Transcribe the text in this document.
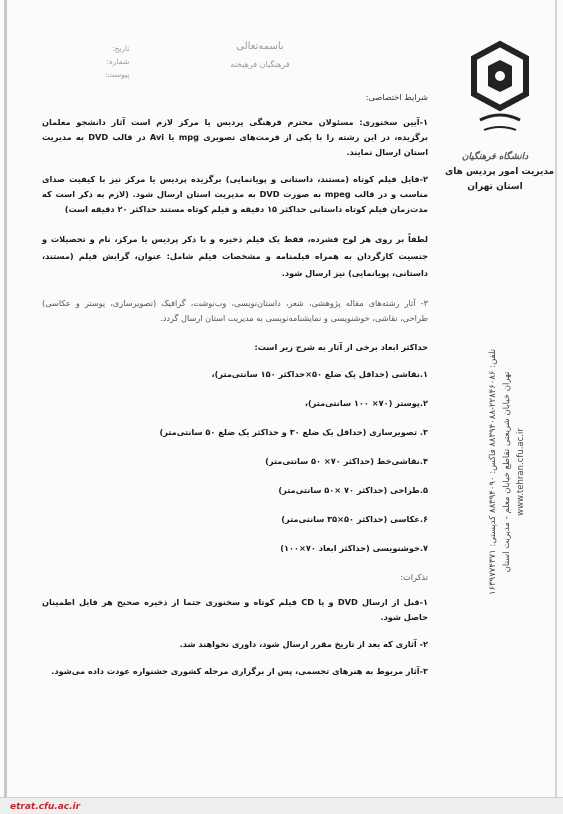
دانشگاه فرهنگیان
مدیریت امور پردیس های
استان تهران
تلفن: ۲۲۸۴۶۰۸۶-۸۸۳۹۴۰۸۸ فاکس: ۸۸۳۹۴۰۹۰ کدپستی: ۱۶۳۹۷۷۴۳۷۱
تهران خیابان شریعتی تقاطع خیابان معلم - مدیریت استان www.tehran.cfu.ac.ir
باسمه‌تعالی
فرهنگیان فرهیخته
تاریخ:
شماره:
پیوست:

شرایط اختصاصی:

۱-آیین سخنوری: مسئولان محترم فرهنگی پردیس یا مرکز لازم است آثار دانشجو معلمان برگزیده، در این رشته را با یکی از فرمت‌های تصویری mpg یا Avi در قالب DVD به مدیریت استان ارسال نمایند.

۲-فایل فیلم کوتاه (مستند، داستانی و پویانمایی) برگزیده پردیس یا مرکز نیز با کیفیت صدای مناسب و در قالب mpeg به صورت DVD به مدیریت استان ارسال شود. (لازم به ذکر است که مدت‌زمان فیلم کوتاه داستانی حداکثر ۱۵ دقیقه و فیلم کوتاه مستند حداکثر ۲۰ دقیقه است)

لطفاً بر روی هر لوح فشرده، فقط یک فیلم ذخیره و با ذکر پردیس یا مرکز، نام و تحصیلات و جنسیت کارگردان به همراه فیلمنامه و مشخصات فیلم شامل: عنوان، گرایش فیلم (مستند، داستانی، پویانمایی) نیز ارسال شود.

۳- آثار رشته‌های مقاله پژوهشی، شعر، داستان‌نویسی، وب‌نوشت، گرافیک (تصویرسازی، پوستر و عکاسی) طراحی، نقاشی، خوشنویسی و نمایشنامه‌نویسی به مدیریت استان ارسال گردد.

حداکثر ابعاد برخی از آثار به شرح زیر است:

۱.نقاشی (حداقل یک ضلع ۵۰×حداکثر ۱۵۰ سانتی‌متر)،

۲.پوستر (۷۰× ۱۰۰ سانتی‌متر)،

۳. تصویرسازی (حداقل یک ضلع ۳۰ و حداکثر یک ضلع ۵۰ سانتی‌متر)

۴.نقاشی‌خط (حداکثر ۷۰× ۵۰ سانتی‌متر)

۵.طراحی (حداکثر ۷۰ ×۵۰ سانتی‌متر)

۶.عکاسی (حداکثر ۵۰×۳۵ سانتی‌متر)

۷.خوشنویسی (حداکثر ابعاد ۷۰×۱۰۰)

تذکرات:

۱-قبل از ارسال DVD و یا CD فیلم کوتاه و سخنوری حتما از ذخیره صحیح هر فایل اطمینان حاصل شود.

۲- آثاری که بعد از تاریخ مقرر ارسال شود، داوری نخواهند شد.

۳-آثار مربوط به هنرهای تجسمی، پس از برگزاری مرحله کشوری جشنواره عودت داده می‌شود.

etrat.cfu.ac.ir
